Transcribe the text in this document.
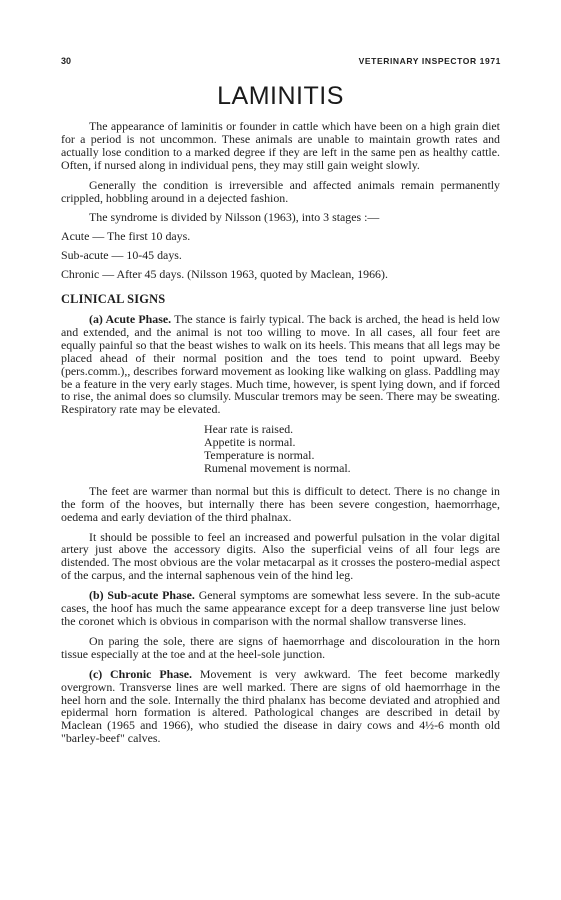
30	VETERINARY INSPECTOR 1971
LAMINITIS

The appearance of laminitis or founder in cattle which have been on a high grain diet for a period is not uncommon. These animals are unable to maintain growth rates and actually lose condition to a marked degree if they are left in the same pen as healthy cattle. Often, if nursed along in individual pens, they may still gain weight slowly.

Generally the condition is irreversible and affected animals remain permanently crippled, hobbling around in a dejected fashion.

The syndrome is divided by Nilsson (1963), into 3 stages :—

Acute — The first 10 days.

Sub-acute — 10-45 days.

Chronic — After 45 days. (Nilsson 1963, quoted by Maclean, 1966).

CLINICAL SIGNS

(a) Acute Phase. The stance is fairly typical. The back is arched, the head is held low and extended, and the animal is not too willing to move. In all cases, all four feet are equally painful so that the beast wishes to walk on its heels. This means that all legs may be placed ahead of their normal position and the toes tend to point upward. Beeby (pers.comm.),, describes forward movement as looking like walking on glass. Paddling may be a feature in the very early stages. Much time, however, is spent lying down, and if forced to rise, the animal does so clumsily. Muscular tremors may be seen. There may be sweating. Respiratory rate may be elevated.

Hear rate is raised.
Appetite is normal.
Temperature is normal.
Rumenal movement is normal.

The feet are warmer than normal but this is difficult to detect. There is no change in the form of the hooves, but internally there has been severe congestion, haemorrhage, oedema and early deviation of the third phalnax.

It should be possible to feel an increased and powerful pulsation in the volar digital artery just above the accessory digits. Also the superficial veins of all four legs are distended. The most obvious are the volar metacarpal as it crosses the postero-medial aspect of the carpus, and the internal saphenous vein of the hind leg.

(b) Sub-acute Phase. General symptoms are somewhat less severe. In the sub-acute cases, the hoof has much the same appearance except for a deep transverse line just below the coronet which is obvious in comparison with the normal shallow transverse lines.

On paring the sole, there are signs of haemorrhage and discolouration in the horn tissue especially at the toe and at the heel-sole junction.

(c) Chronic Phase. Movement is very awkward. The feet become markedly overgrown. Transverse lines are well marked. There are signs of old haemorrhage in the heel horn and the sole. Internally the third phalanx has become deviated and atrophied and epidermal horn formation is altered. Pathological changes are described in detail by Maclean (1965 and 1966), who studied the disease in dairy cows and 4½-6 month old "barley-beef" calves.
